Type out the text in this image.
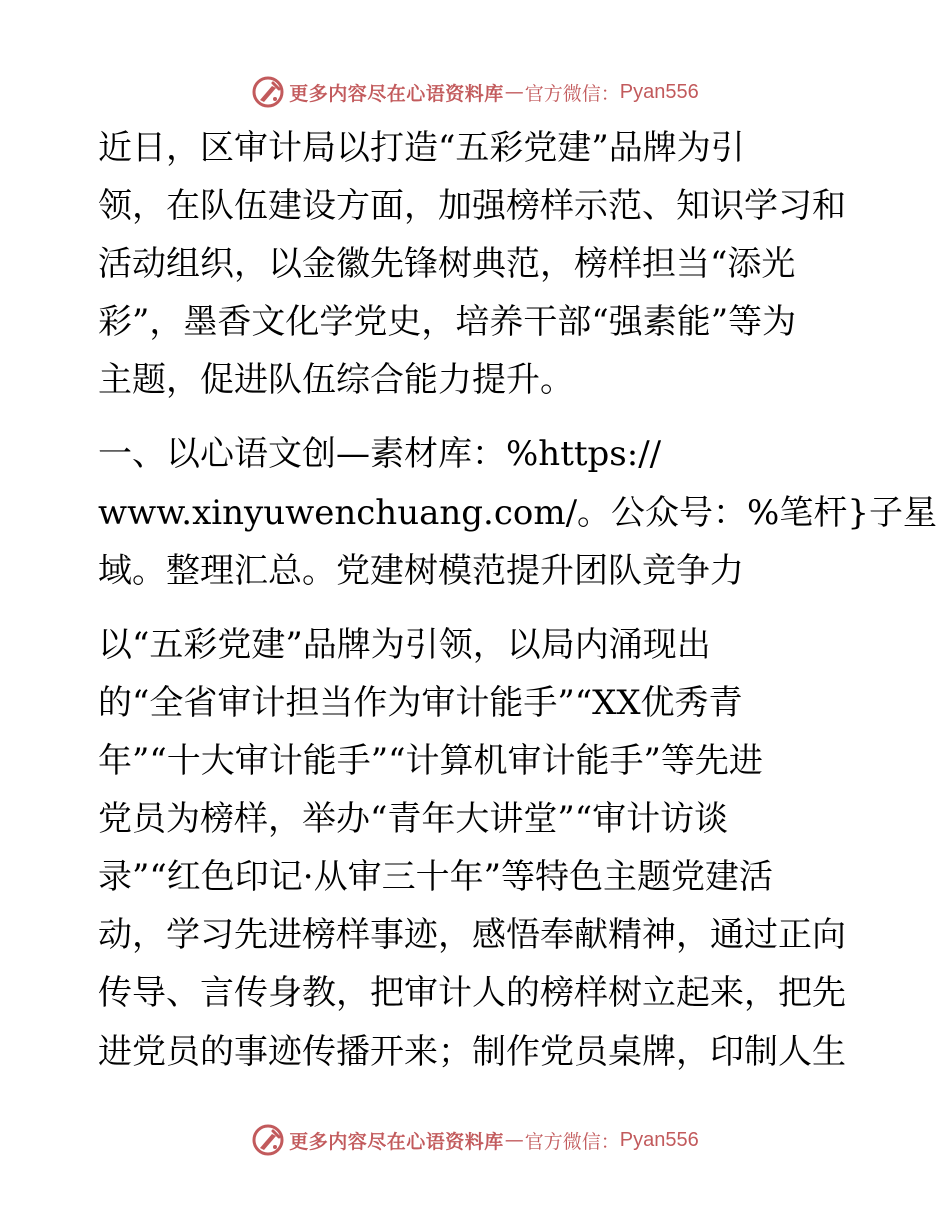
更多内容尽在心语资料库 — 官方微信： Pyan556
近日，区审计局以打造“五彩党建”品牌为引
领，在队伍建设方面，加强榜样示范、知识学习和
活动组织，以金徽先锋树典范，榜样担当“添光
彩”，墨香文化学党史，培养干部“强素能”等为
主题，促进队伍综合能力提升。
一、以心语文创—素材库：%https://
www.xinyuwenchuang.com/。公众号：%笔杆}子星
域。整理汇总。党建树模范提升团队竞争力
以“五彩党建”品牌为引领，以局内涌现出
的“全省审计担当作为审计能手”“XX优秀青
年”“十大审计能手”“计算机审计能手”等先进
党员为榜样，举办“青年大讲堂”“审计访谈
录”“红色印记·从审三十年”等特色主题党建活
动，学习先进榜样事迹，感悟奉献精神，通过正向
传导、言传身教，把审计人的榜样树立起来，把先
进党员的事迹传播开来；制作党员桌牌，印制人生
更多内容尽在心语资料库 — 官方微信： Pyan556
